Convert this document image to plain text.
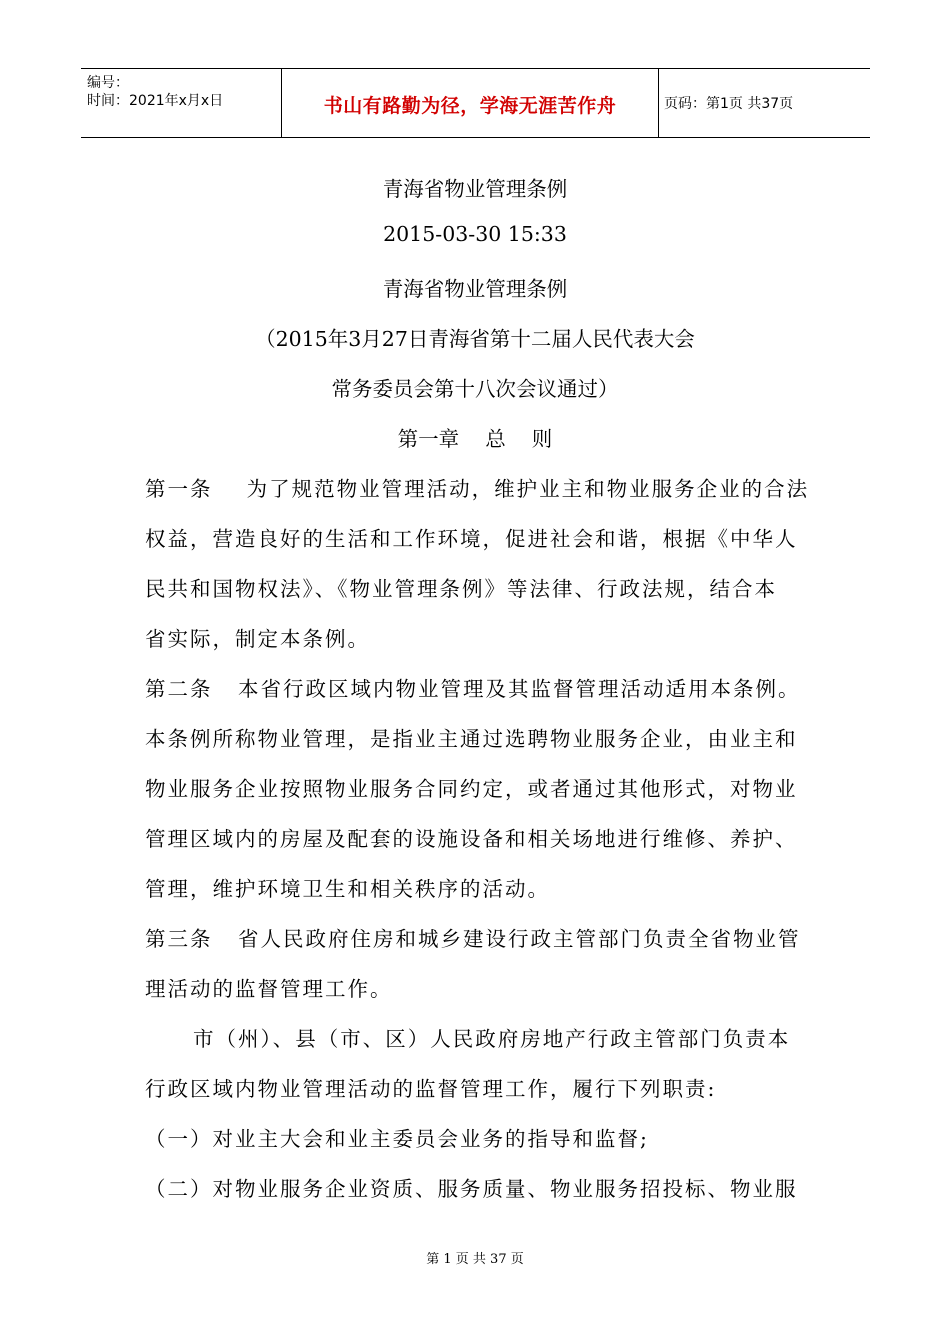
编号：
时间：2021年x月x日	书山有路勤为径，学海无涯苦作舟	页码：第1页 共37页
青海省物业管理条例
2015-03-30 15:33
青海省物业管理条例
（2015年3月27日青海省第十二届人民代表大会
常务委员会第十八次会议通过）
第一章    总    则
第一条    为了规范物业管理活动，维护业主和物业服务企业的合法
权益，营造良好的生活和工作环境，促进社会和谐，根据《中华人
民共和国物权法》、《物业管理条例》等法律、行政法规，结合本
省实际，制定本条例。
第二条   本省行政区域内物业管理及其监督管理活动适用本条例。
本条例所称物业管理，是指业主通过选聘物业服务企业，由业主和
物业服务企业按照物业服务合同约定，或者通过其他形式，对物业
管理区域内的房屋及配套的设施设备和相关场地进行维修、养护、
管理，维护环境卫生和相关秩序的活动。
第三条   省人民政府住房和城乡建设行政主管部门负责全省物业管
理活动的监督管理工作。
市（州）、县（市、区）人民政府房地产行政主管部门负责本
行政区域内物业管理活动的监督管理工作，履行下列职责:
（一）对业主大会和业主委员会业务的指导和监督;
（二）对物业服务企业资质、服务质量、物业服务招投标、物业服
第 1 页 共 37 页
